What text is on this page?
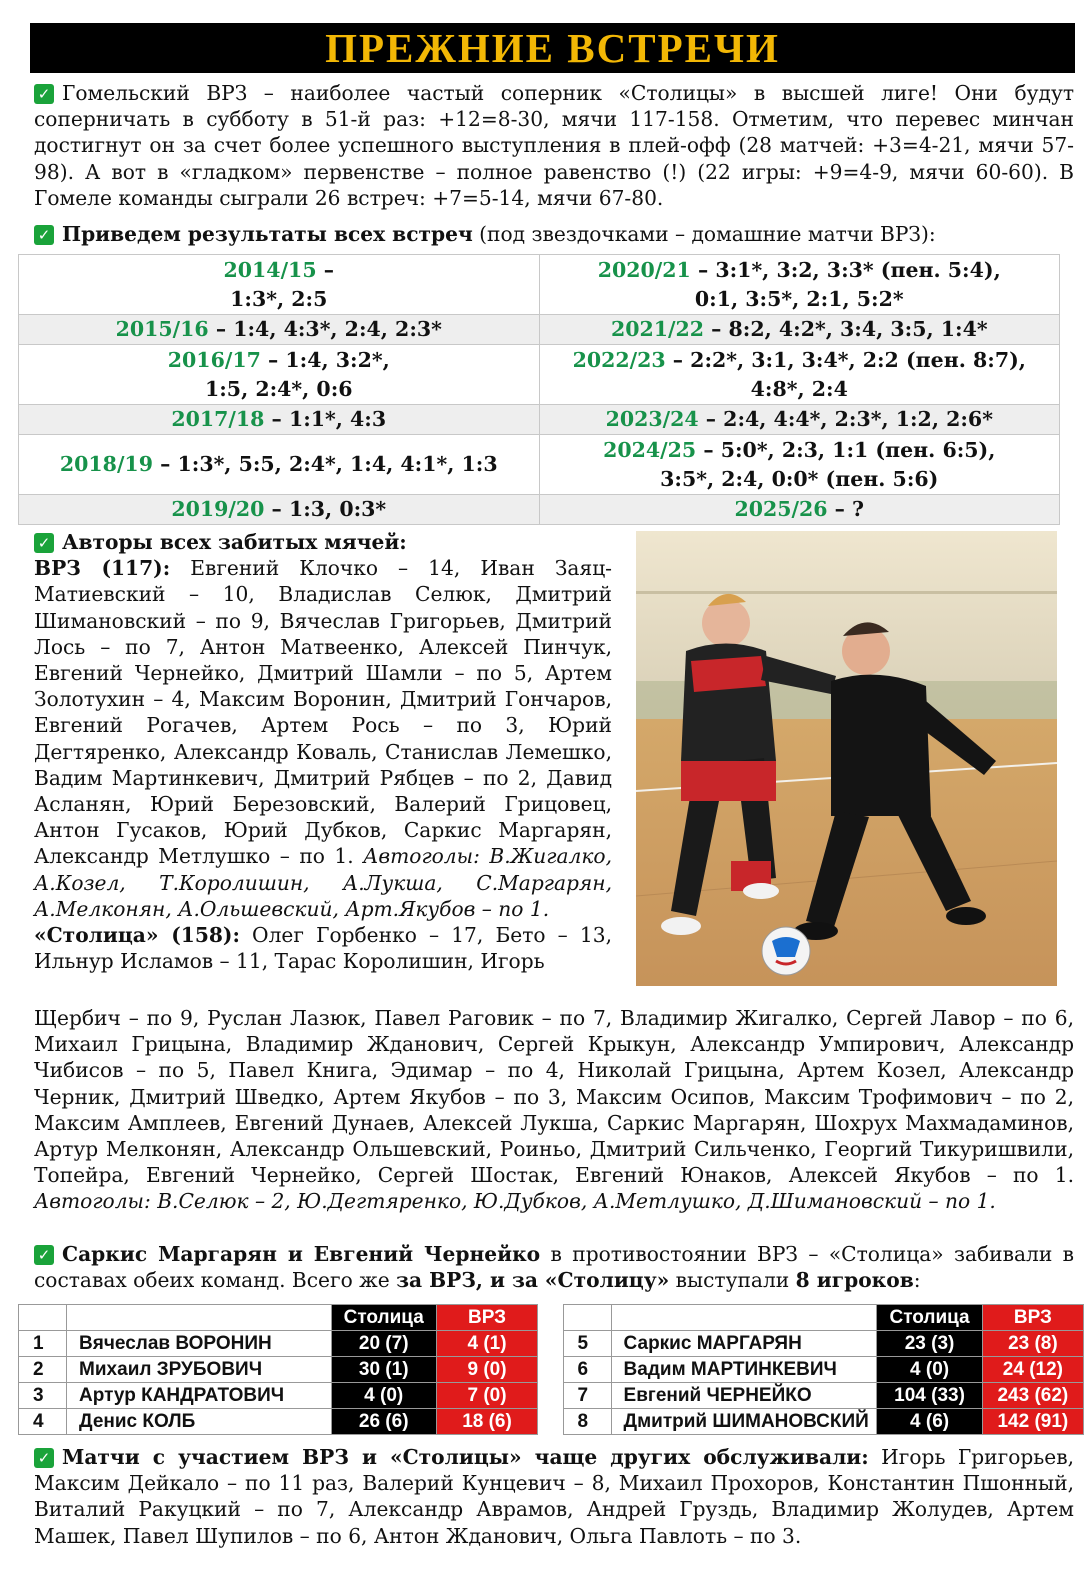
ПРЕЖНИЕ ВСТРЕЧИ
✓ Гомельский ВРЗ – наиболее частый соперник «Столицы» в высшей лиге! Они будут соперничать в субботу в 51-й раз: +12=8-30, мячи 117-158. Отметим, что перевес минчан достигнут он за счет более успешного выступления в плей-офф (28 матчей: +3=4-21, мячи 57-98). А вот в «гладком» первенстве – полное равенство (!) (22 игры: +9=4-9, мячи 60-60). В Гомеле команды сыграли 26 встреч: +7=5-14, мячи 67-80.
✓ Приведем результаты всех встреч (под звездочками – домашние матчи ВРЗ):
2014/15 –
1:3*, 2:5	2020/21 – 3:1*, 3:2, 3:3* (пен. 5:4),
0:1, 3:5*, 2:1, 5:2*
2015/16 – 1:4, 4:3*, 2:4, 2:3*	2021/22 – 8:2, 4:2*, 3:4, 3:5, 1:4*
2016/17 – 1:4, 3:2*,
1:5, 2:4*, 0:6	2022/23 – 2:2*, 3:1, 3:4*, 2:2 (пен. 8:7),
4:8*, 2:4
2017/18 – 1:1*, 4:3	2023/24 – 2:4, 4:4*, 2:3*, 1:2, 2:6*
2018/19 – 1:3*, 5:5, 2:4*, 1:4, 4:1*, 1:3	2024/25 – 5:0*, 2:3, 1:1 (пен. 6:5),
3:5*, 2:4, 0:0* (пен. 5:6)
2019/20 – 1:3, 0:3*	2025/26 – ?
✓ Авторы всех забитых мячей:
ВРЗ (117): Евгений Клочко – 14, Иван Заяц-Матиевский – 10, Владислав Селюк, Дмитрий Шимановский – по 9, Вячеслав Григорьев, Дмитрий Лось – по 7, Антон Матвеенко, Алексей Пинчук, Евгений Чернейко, Дмитрий Шамли – по 5, Артем Золотухин – 4, Максим Воронин, Дмитрий Гончаров, Евгений Рогачев, Артем Рось – по 3, Юрий Дегтяренко, Александр Коваль, Станислав Лемешко, Вадим Мартинкевич, Дмитрий Рябцев – по 2, Давид Асланян, Юрий Березовский, Валерий Грицовец, Антон Гусаков, Юрий Дубков, Саркис Маргарян, Александр Метлушко – по 1. Автоголы: В.Жигалко, А.Козел, Т.Королишин, А.Лукша, С.Маргарян, А.Мелконян, А.Ольшевский, Арт.Якубов – по 1.
«Столица» (158): Олег Горбенко – 17, Бето – 13, Ильнур Исламов – 11, Тарас Королишин, Игорь
Щербич – по 9, Руслан Лазюк, Павел Раговик – по 7, Владимир Жигалко, Сергей Лавор – по 6, Михаил Грицына, Владимир Жданович, Сергей Крыкун, Александр Умпирович, Александр Чибисов – по 5, Павел Книга, Эдимар – по 4, Николай Грицына, Артем Козел, Александр Черник, Дмитрий Шведко, Артем Якубов – по 3, Максим Осипов, Максим Трофимович – по 2, Максим Амплеев, Евгений Дунаев, Алексей Лукша, Саркис Маргарян, Шохрух Махмадаминов, Артур Мелконян, Александр Ольшевский, Роиньо, Дмитрий Сильченко, Георгий Тикуришвили, Топейра, Евгений Чернейко, Сергей Шостак, Евгений Юнаков, Алексей Якубов – по 1. Автоголы: В.Селюк – 2, Ю.Дегтяренко, Ю.Дубков, А.Метлушко, Д.Шимановский – по 1.
✓ Саркис Маргарян и Евгений Чернейко в противостоянии ВРЗ – «Столица» забивали в составах обеих команд. Всего же за ВРЗ, и за «Столицу» выступали 8 игроков:
		Столица	ВРЗ				Столица	ВРЗ
1	Вячеслав ВОРОНИН	20 (7)	4 (1)		5	Саркис МАРГАРЯН	23 (3)	23 (8)
2	Михаил ЗРУБОВИЧ	30 (1)	9 (0)		6	Вадим МАРТИНКЕВИЧ	4 (0)	24 (12)
3	Артур КАНДРАТОВИЧ	4 (0)	7 (0)		7	Евгений ЧЕРНЕЙКО	104 (33)	243 (62)
4	Денис КОЛБ	26 (6)	18 (6)		8	Дмитрий ШИМАНОВСКИЙ	4 (6)	142 (91)
✓ Матчи с участием ВРЗ и «Столицы» чаще других обслуживали: Игорь Григорьев, Максим Дейкало – по 11 раз, Валерий Кунцевич – 8, Михаил Прохоров, Константин Пшонный, Виталий Ракуцкий – по 7, Александр Аврамов, Андрей Груздь, Владимир Жолудев, Артем Машек, Павел Шупилов – по 6, Антон Жданович, Ольга Павлоть – по 3.
